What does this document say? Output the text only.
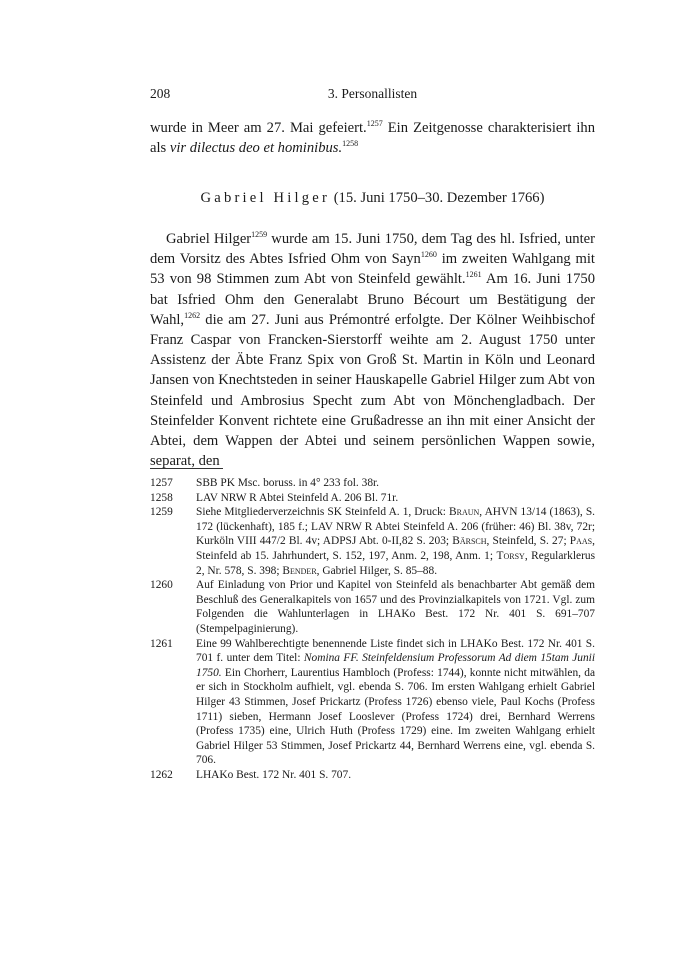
208	3. Personallisten

wurde in Meer am 27. Mai gefeiert.$^{1257}$ Ein Zeitgenosse charakterisiert ihn als vir dilectus deo et hominibus.$^{1258}$

Gabriel Hilger (15. Juni 1750–30. Dezember 1766)

Gabriel Hilger$^{1259}$ wurde am 15. Juni 1750, dem Tag des hl. Isfried, unter dem Vorsitz des Abtes Isfried Ohm von Sayn$^{1260}$ im zweiten Wahlgang mit 53 von 98 Stimmen zum Abt von Steinfeld gewählt.$^{1261}$ Am 16. Juni 1750 bat Isfried Ohm den Generalabt Bruno Bécourt um Bestätigung der Wahl,$^{1262}$ die am 27. Juni aus Prémontré erfolgte. Der Kölner Weihbischof Franz Caspar von Francken-Sierstorff weihte am 2. August 1750 unter Assistenz der Äbte Franz Spix von Groß St. Martin in Köln und Leonard Jansen von Knechtsteden in seiner Hauskapelle Gabriel Hilger zum Abt von Steinfeld und Ambrosius Specht zum Abt von Mönchengladbach. Der Steinfelder Konvent richtete eine Grußadresse an ihn mit einer Ansicht der Abtei, dem Wappen der Abtei und seinem persönlichen Wappen sowie, separat, den

1257 SBB PK Msc. boruss. in 4° 233 fol. 38r.

1258 LAV NRW R Abtei Steinfeld A. 206 Bl. 71r.

1259 Siehe Mitgliederverzeichnis SK Steinfeld A. 1, Druck: Braun, AHVN 13/14 (1863), S. 172 (lückenhaft), 185 f.; LAV NRW R Abtei Steinfeld A. 206 (früher: 46) Bl. 38v, 72r; Kurköln VIII 447/2 Bl. 4v; ADPSJ Abt. 0-II,82 S. 203; Bärsch, Steinfeld, S. 27; Paas, Steinfeld ab 15. Jahrhundert, S. 152, 197, Anm. 2, 198, Anm. 1; Torsy, Regularklerus 2, Nr. 578, S. 398; Bender, Gabriel Hilger, S. 85–88.

1260 Auf Einladung von Prior und Kapitel von Steinfeld als benachbarter Abt gemäß dem Beschluß des Generalkapitels von 1657 und des Provinzialkapitels von 1721. Vgl. zum Folgenden die Wahlunterlagen in LHAKo Best. 172 Nr. 401 S. 691–707 (Stempelpaginierung).

1261 Eine 99 Wahlberechtigte benennende Liste findet sich in LHAKo Best. 172 Nr. 401 S. 701 f. unter dem Titel: Nomina FF. Steinfeldensium Professorum Ad diem 15tam Junii 1750. Ein Chorherr, Laurentius Hambloch (Profess: 1744), konnte nicht mitwählen, da er sich in Stockholm aufhielt, vgl. ebenda S. 706. Im ersten Wahlgang erhielt Gabriel Hilger 43 Stimmen, Josef Prickartz (Profess 1726) ebenso viele, Paul Kochs (Profess 1711) sieben, Hermann Josef Looslever (Profess 1724) drei, Bernhard Werrens (Profess 1735) eine, Ulrich Huth (Profess 1729) eine. Im zweiten Wahlgang erhielt Gabriel Hilger 53 Stimmen, Josef Prickartz 44, Bernhard Werrens eine, vgl. ebenda S. 706.

1262 LHAKo Best. 172 Nr. 401 S. 707.
